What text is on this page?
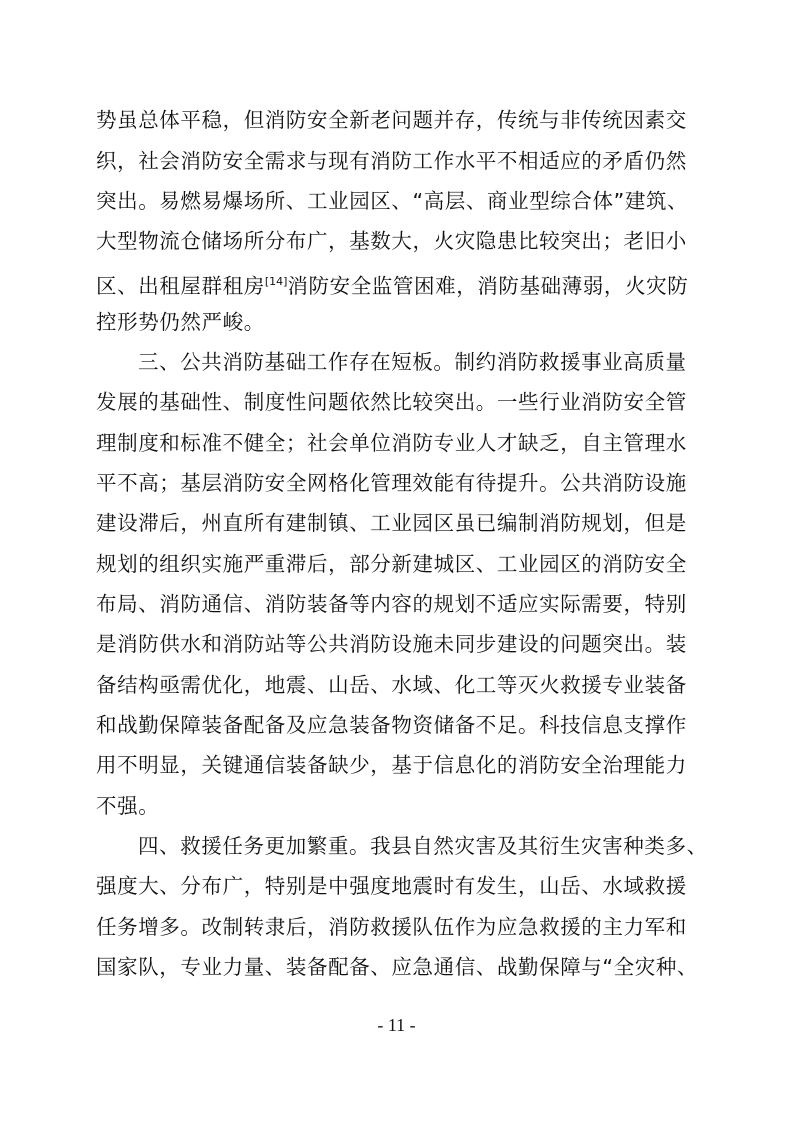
势虽总体平稳，但消防安全新老问题并存，传统与非传统因素交
织，社会消防安全需求与现有消防工作水平不相适应的矛盾仍然
突出。易燃易爆场所、工业园区、“高层、商业型综合体”建筑、
大型物流仓储场所分布广，基数大，火灾隐患比较突出；老旧小
区、出租屋群租房[14]消防安全监管困难，消防基础薄弱，火灾防
控形势仍然严峻。
三、公共消防基础工作存在短板。制约消防救援事业高质量
发展的基础性、制度性问题依然比较突出。一些行业消防安全管
理制度和标准不健全；社会单位消防专业人才缺乏，自主管理水
平不高；基层消防安全网格化管理效能有待提升。公共消防设施
建设滞后，州直所有建制镇、工业园区虽已编制消防规划，但是
规划的组织实施严重滞后，部分新建城区、工业园区的消防安全
布局、消防通信、消防装备等内容的规划不适应实际需要，特别
是消防供水和消防站等公共消防设施未同步建设的问题突出。装
备结构亟需优化，地震、山岳、水域、化工等灭火救援专业装备
和战勤保障装备配备及应急装备物资储备不足。科技信息支撑作
用不明显，关键通信装备缺少，基于信息化的消防安全治理能力
不强。
四、救援任务更加繁重。我县自然灾害及其衍生灾害种类多、
强度大、分布广，特别是中强度地震时有发生，山岳、水域救援
任务增多。改制转隶后，消防救援队伍作为应急救援的主力军和
国家队，专业力量、装备配备、应急通信、战勤保障与“全灾种、
- 11 -
